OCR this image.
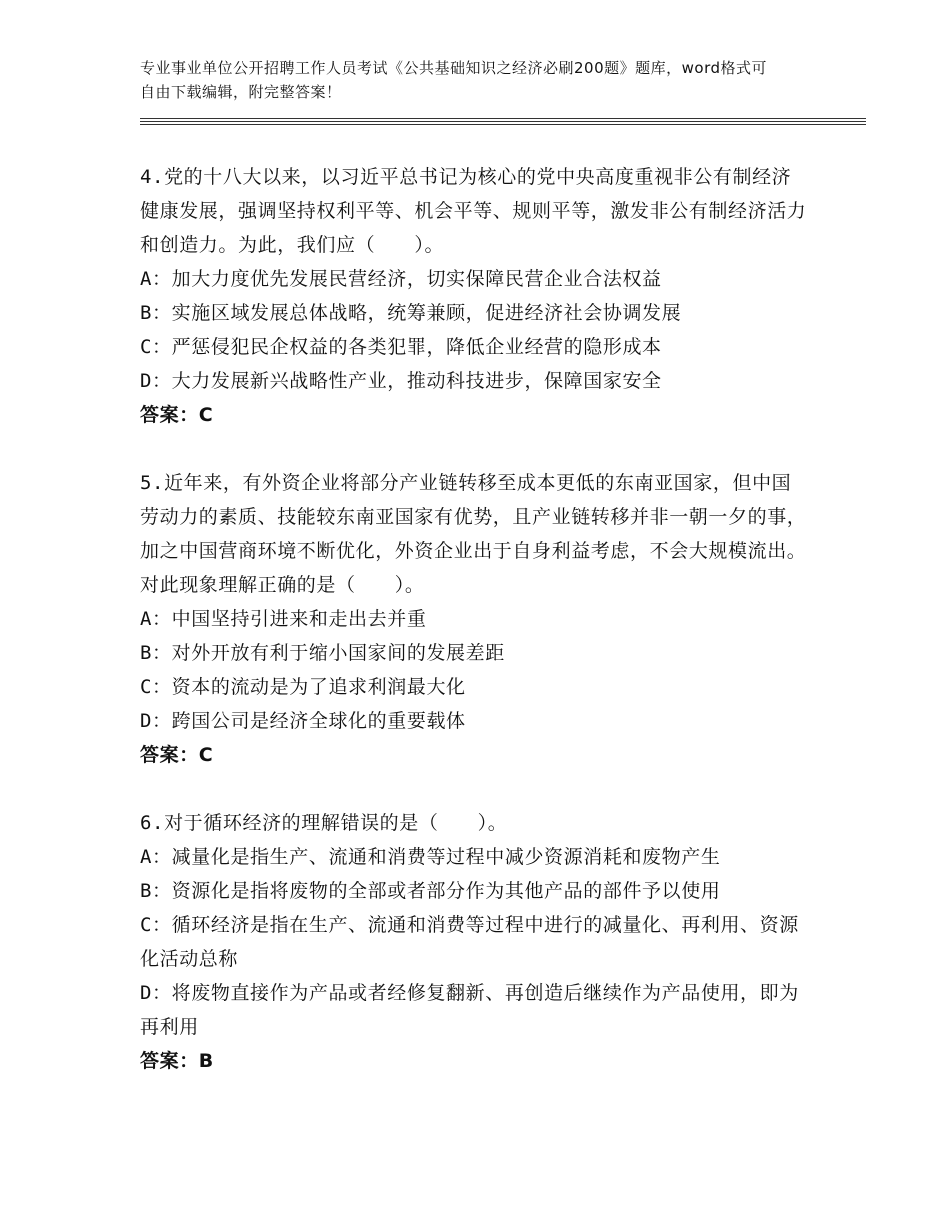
专业事业单位公开招聘工作人员考试《公共基础知识之经济必刷200题》题库，word格式可自由下载编辑，附完整答案！

4.党的十八大以来，以习近平总书记为核心的党中央高度重视非公有制经济健康发展，强调坚持权利平等、机会平等、规则平等，激发非公有制经济活力和创造力。为此，我们应（　　）。

A：加大力度优先发展民营经济，切实保障民营企业合法权益

B：实施区域发展总体战略，统筹兼顾，促进经济社会协调发展

C：严惩侵犯民企权益的各类犯罪，降低企业经营的隐形成本

D：大力发展新兴战略性产业，推动科技进步，保障国家安全

答案：C

5.近年来，有外资企业将部分产业链转移至成本更低的东南亚国家，但中国劳动力的素质、技能较东南亚国家有优势，且产业链转移并非一朝一夕的事，加之中国营商环境不断优化，外资企业出于自身利益考虑，不会大规模流出。对此现象理解正确的是（　　）。

A：中国坚持引进来和走出去并重

B：对外开放有利于缩小国家间的发展差距

C：资本的流动是为了追求利润最大化

D：跨国公司是经济全球化的重要载体

答案：C

6.对于循环经济的理解错误的是（　　）。

A：减量化是指生产、流通和消费等过程中减少资源消耗和废物产生

B：资源化是指将废物的全部或者部分作为其他产品的部件予以使用

C：循环经济是指在生产、流通和消费等过程中进行的减量化、再利用、资源化活动总称

D：将废物直接作为产品或者经修复翻新、再创造后继续作为产品使用，即为再利用

答案：B
